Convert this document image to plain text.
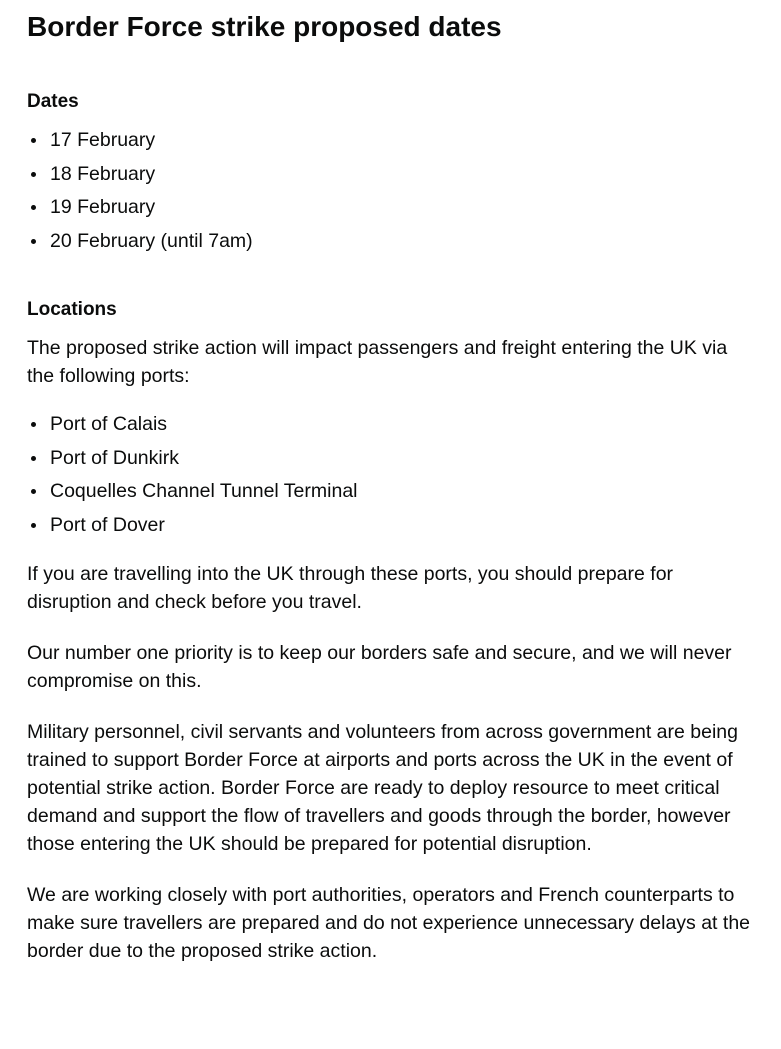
Border Force strike proposed dates
Dates
17 February
18 February
19 February
20 February (until 7am)
Locations

The proposed strike action will impact passengers and freight entering the UK via the following ports:

Port of Calais
Port of Dunkirk
Coquelles Channel Tunnel Terminal
Port of Dover

If you are travelling into the UK through these ports, you should prepare for disruption and check before you travel.

Our number one priority is to keep our borders safe and secure, and we will never compromise on this.

Military personnel, civil servants and volunteers from across government are being trained to support Border Force at airports and ports across the UK in the event of potential strike action. Border Force are ready to deploy resource to meet critical demand and support the flow of travellers and goods through the border, however those entering the UK should be prepared for potential disruption.

We are working closely with port authorities, operators and French counterparts to make sure travellers are prepared and do not experience unnecessary delays at the border due to the proposed strike action.
